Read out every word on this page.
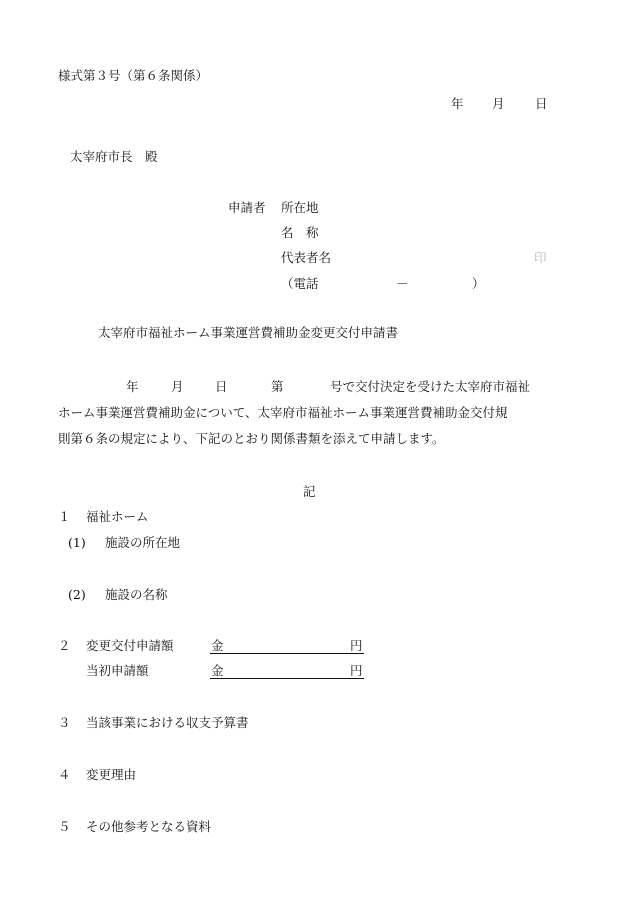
様式第３号（第６条関係）
年 月 日
太宰府市長　殿
申請者 所在地
名　称
代表者名	印
（電話	－	）
太宰府市福祉ホーム事業運営費補助金変更交付申請書
年	月	日	第	号で交付決定を受けた太宰府市福祉
ホーム事業運営費補助金について、太宰府市福祉ホーム事業運営費補助金交付規
則第６条の規定により、下記のとおり関係書類を添えて申請します。
記
１ 福祉ホーム
(1) 施設の所在地
(2) 施設の名称
２ 変更交付申請額	金	円
当初申請額	金	円
３ 当該事業における収支予算書
４ 変更理由
５ その他参考となる資料
